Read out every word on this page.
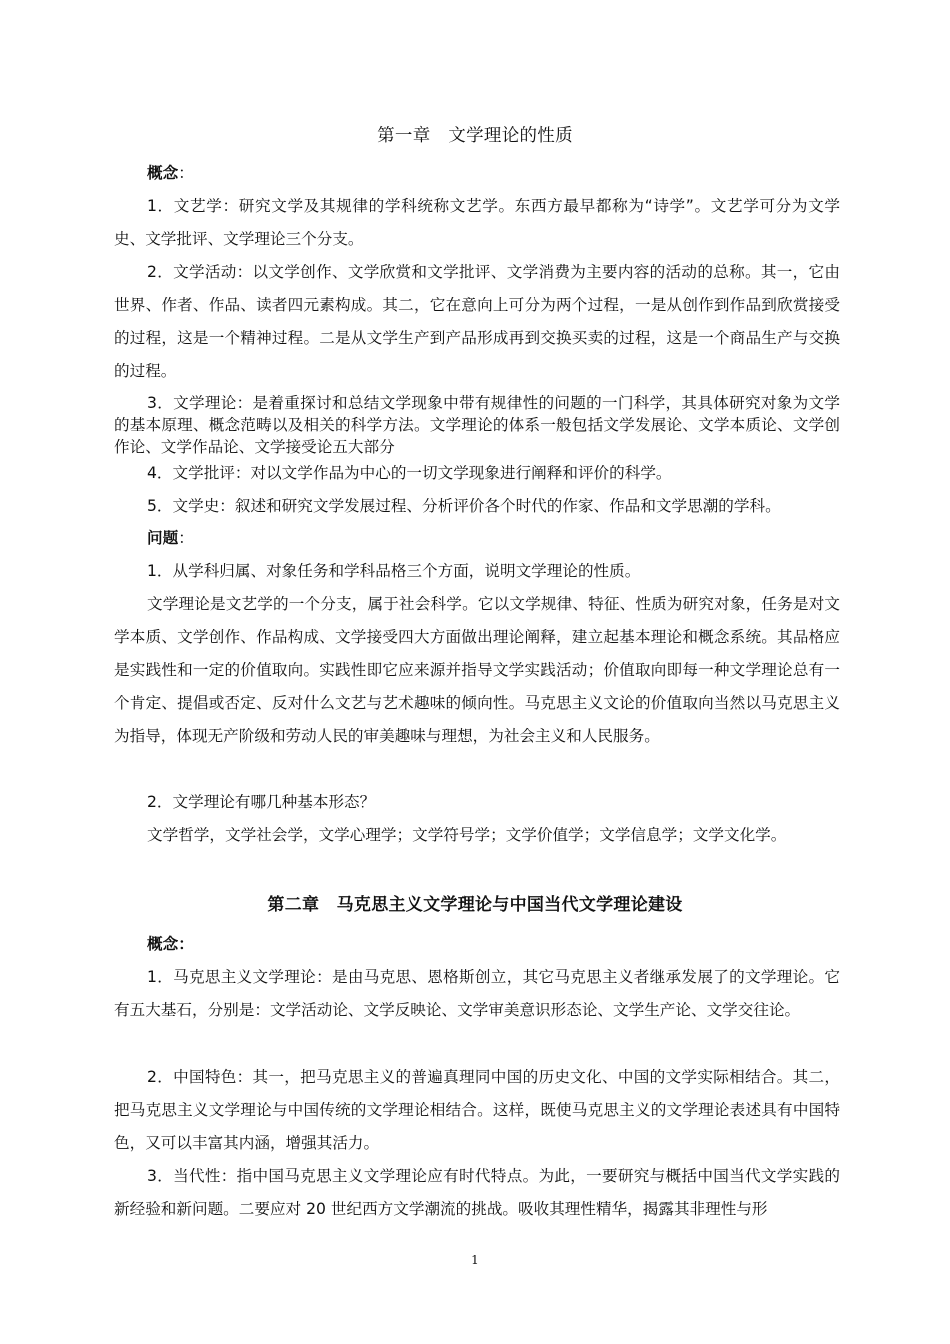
第一章　文学理论的性质
概念：
1．文艺学：研究文学及其规律的学科统称文艺学。东西方最早都称为“诗学”。文艺学可分为文学史、文学批评、文学理论三个分支。
2．文学活动：以文学创作、文学欣赏和文学批评、文学消费为主要内容的活动的总称。其一，它由世界、作者、作品、读者四元素构成。其二，它在意向上可分为两个过程，一是从创作到作品到欣赏接受的过程，这是一个精神过程。二是从文学生产到产品形成再到交换买卖的过程，这是一个商品生产与交换的过程。
3．文学理论：是着重探讨和总结文学现象中带有规律性的问题的一门科学，其具体研究对象为文学的基本原理、概念范畴以及相关的科学方法。文学理论的体系一般包括文学发展论、文学本质论、文学创作论、文学作品论、文学接受论五大部分
4．文学批评：对以文学作品为中心的一切文学现象进行阐释和评价的科学。
5．文学史：叙述和研究文学发展过程、分析评价各个时代的作家、作品和文学思潮的学科。
问题：
1．从学科归属、对象任务和学科品格三个方面，说明文学理论的性质。
文学理论是文艺学的一个分支，属于社会科学。它以文学规律、特征、性质为研究对象，任务是对文学本质、文学创作、作品构成、文学接受四大方面做出理论阐释，建立起基本理论和概念系统。其品格应是实践性和一定的价值取向。实践性即它应来源并指导文学实践活动；价值取向即每一种文学理论总有一个肯定、提倡或否定、反对什么文艺与艺术趣味的倾向性。马克思主义文论的价值取向当然以马克思主义为指导，体现无产阶级和劳动人民的审美趣味与理想，为社会主义和人民服务。
2．文学理论有哪几种基本形态？
文学哲学，文学社会学，文学心理学；文学符号学；文学价值学；文学信息学；文学文化学。
第二章　马克思主义文学理论与中国当代文学理论建设
概念：
1．马克思主义文学理论：是由马克思、恩格斯创立，其它马克思主义者继承发展了的文学理论。它有五大基石，分别是：文学活动论、文学反映论、文学审美意识形态论、文学生产论、文学交往论。
2．中国特色：其一，把马克思主义的普遍真理同中国的历史文化、中国的文学实际相结合。其二，把马克思主义文学理论与中国传统的文学理论相结合。这样，既使马克思主义的文学理论表述具有中国特色，又可以丰富其内涵，增强其活力。
3．当代性：指中国马克思主义文学理论应有时代特点。为此，一要研究与概括中国当代文学实践的新经验和新问题。二要应对 20 世纪西方文学潮流的挑战。吸收其理性精华，揭露其非理性与形
1
